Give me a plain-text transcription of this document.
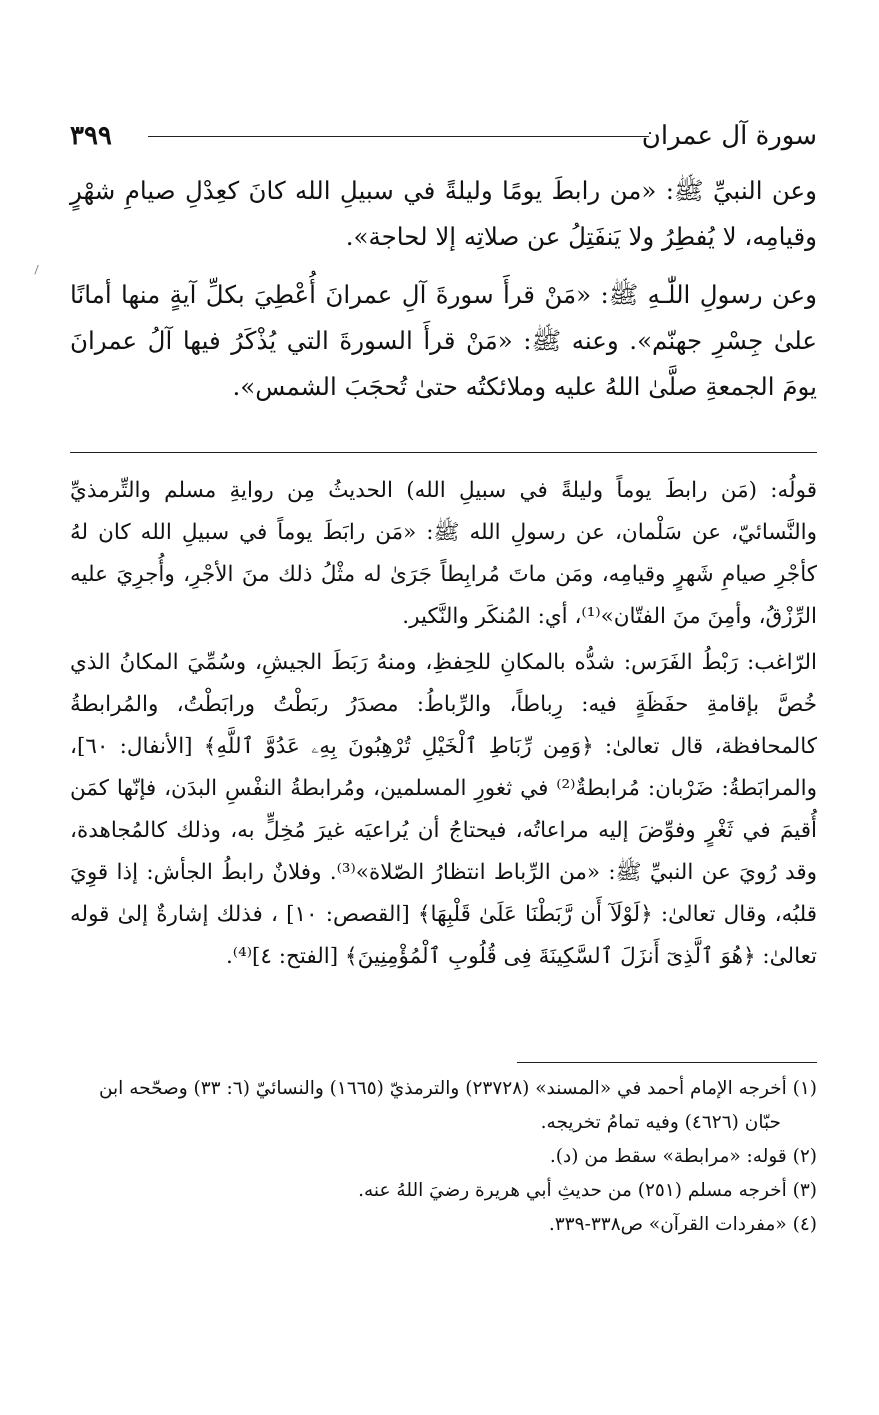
سورة آل عمران
٣٩٩

وعن النبيِّ ﷺ: «من رابطَ يومًا وليلةً في سبيلِ الله كانَ كعِدْلِ صيامِ شهْرٍ وقيامِه، لا يُفطِرُ ولا يَنفَتِلُ عن صلاتِه إلا لحاجة».

وعن رسولِ اللّٰـهِ ﷺ: «مَنْ قرأَ سورةَ آلِ عمرانَ أُعْطِيَ بكلِّ آيةٍ منها أمانًا علىٰ جِسْرِ جهنّم». وعنه ﷺ: «مَنْ قرأَ السورةَ التي يُذْكَرُ فيها آلُ عمرانَ يومَ الجمعةِ صلَّىٰ اللهُ عليه وملائكتُه حتىٰ تُحجَبَ الشمس».

قولُه: (مَن رابطَ يوماً وليلةً في سبيلِ الله) الحديثُ مِن روايةِ مسلم والتِّرمذيِّ والنَّسائيّ، عن سَلْمان، عن رسولِ الله ﷺ: «مَن رابَطَ يوماً في سبيلِ الله كان لهُ كأجْرِ صيامِ شَهرٍ وقيامِه، ومَن ماتَ مُرابِطاً جَرَىٰ له مثْلُ ذلك منَ الأجْرِ، وأُجرِيَ عليه الرِّزْقُ، وأمِنَ منَ الفتّان»⁽¹⁾، أي: المُنكَر والنَّكير.

الرّاغب: رَبْطُ الفَرَس: شدُّه بالمكانِ للحِفظِ، ومنهُ رَبَطَ الجيشِ، وسُمِّيَ المكانُ الذي خُصَّ بإقامةِ حفَظَةٍ فيه: رِباطاً، والرِّباطُ: مصدَرُ ربَطْتُ ورابَطْتُ، والمُرابطةُ كالمحافظة، قال تعالىٰ: ﴿وَمِن رِّبَاطِ ٱلْخَيْلِ تُرْهِبُونَ بِهِۦ عَدُوَّ ٱللَّهِ﴾ [الأنفال: ٦٠]، والمرابَطةُ: ضَرْبان: مُرابطةٌ⁽²⁾ في ثغورِ المسلمين، ومُرابطةُ النفْسِ البدَن، فإنّها كمَن أُقيمَ في ثَغْرٍ وفوِّضَ إليه مراعاتُه، فيحتاجُ أن يُراعيَه غيرَ مُخِلٍّ به، وذلك كالمُجاهدة، وقد رُويَ عن النبيِّ ﷺ: «من الرِّباط انتظارُ الصّلاة»⁽³⁾. وفلانٌ رابطُ الجأش: إذا قوِيَ قلبُه، وقال تعالىٰ: ﴿لَوْلَآ أَن رَّبَطْنَا عَلَىٰ قَلْبِهَا﴾ [القصص: ١٠] ، فذلك إشارةٌ إلىٰ قوله تعالىٰ: ﴿هُوَ ٱلَّذِىٓ أَنزَلَ ٱلسَّكِينَةَ فِى قُلُوبِ ٱلْمُؤْمِنِينَ﴾ [الفتح: ٤]⁽⁴⁾.

(١) أخرجه الإمام أحمد في «المسند» (٢٣٧٢٨) والترمذيّ (١٦٦٥) والنسائيّ (٦: ٣٣) وصحّحه ابن

حبّان (٤٦٢٦) وفيه تمامُ تخريجه.

(٢) قوله: «مرابطة» سقط من (د).

(٣) أخرجه مسلم (٢٥١) من حديثِ أبي هريرة رضيَ اللهُ عنه.

(٤) «مفردات القرآن» ص٣٣٨-٣٣٩.
